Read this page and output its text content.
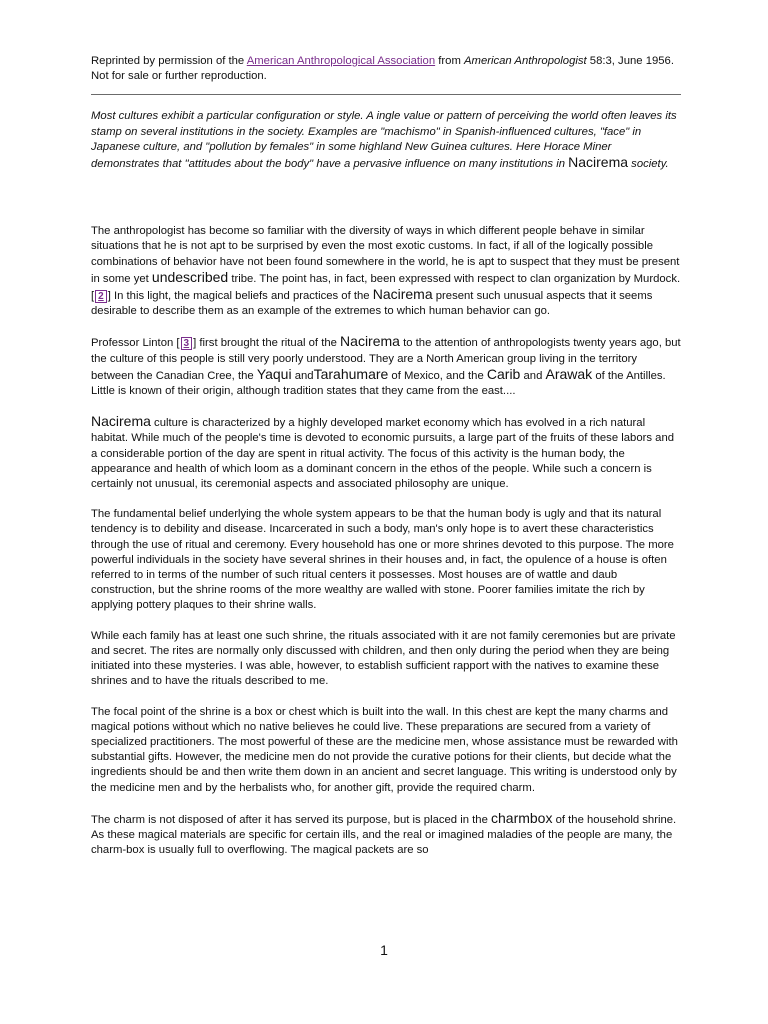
Reprinted by permission of the American Anthropological Association from American Anthropologist 58:3, June 1956. Not for sale or further reproduction.

Most cultures exhibit a particular configuration or style. A ingle value or pattern of perceiving the world often leaves its stamp on several institutions in the society. Examples are "machismo" in Spanish-influenced cultures, "face" in Japanese culture, and "pollution by females" in some highland New Guinea cultures. Here Horace Miner demonstrates that "attitudes about the body" have a pervasive influence on many institutions in Nacirema society.

The anthropologist has become so familiar with the diversity of ways in which different people behave in similar situations that he is not apt to be surprised by even the most exotic customs. In fact, if all of the logically possible combinations of behavior have not been found somewhere in the world, he is apt to suspect that they must be present in some yet undescribed tribe. The point has, in fact, been expressed with respect to clan organization by Murdock.[ 2 ] In this light, the magical beliefs and practices of the Nacirema present such unusual aspects that it seems desirable to describe them as an example of the extremes to which human behavior can go.

Professor Linton [ 3 ] first brought the ritual of the Nacirema to the attention of anthropologists twenty years ago, but the culture of this people is still very poorly understood. They are a North American group living in the territory between the Canadian Cree, the Yaqui andTarahumare of Mexico, and the Carib and Arawak of the Antilles. Little is known of their origin, although tradition states that they came from the east....

Nacirema culture is characterized by a highly developed market economy which has evolved in a rich natural habitat. While much of the people's time is devoted to economic pursuits, a large part of the fruits of these labors and a considerable portion of the day are spent in ritual activity. The focus of this activity is the human body, the appearance and health of which loom as a dominant concern in the ethos of the people. While such a concern is certainly not unusual, its ceremonial aspects and associated philosophy are unique.

The fundamental belief underlying the whole system appears to be that the human body is ugly and that its natural tendency is to debility and disease. Incarcerated in such a body, man's only hope is to avert these characteristics through the use of ritual and ceremony. Every household has one or more shrines devoted to this purpose. The more powerful individuals in the society have several shrines in their houses and, in fact, the opulence of a house is often referred to in terms of the number of such ritual centers it possesses. Most houses are of wattle and daub construction, but the shrine rooms of the more wealthy are walled with stone. Poorer families imitate the rich by applying pottery plaques to their shrine walls.

While each family has at least one such shrine, the rituals associated with it are not family ceremonies but are private and secret. The rites are normally only discussed with children, and then only during the period when they are being initiated into these mysteries. I was able, however, to establish sufficient rapport with the natives to examine these shrines and to have the rituals described to me.

The focal point of the shrine is a box or chest which is built into the wall. In this chest are kept the many charms and magical potions without which no native believes he could live. These preparations are secured from a variety of specialized practitioners. The most powerful of these are the medicine men, whose assistance must be rewarded with substantial gifts. However, the medicine men do not provide the curative potions for their clients, but decide what the ingredients should be and then write them down in an ancient and secret language. This writing is understood only by the medicine men and by the herbalists who, for another gift, provide the required charm.

The charm is not disposed of after it has served its purpose, but is placed in the charmbox of the household shrine. As these magical materials are specific for certain ills, and the real or imagined maladies of the people are many, the charm-box is usually full to overflowing. The magical packets are so

1
